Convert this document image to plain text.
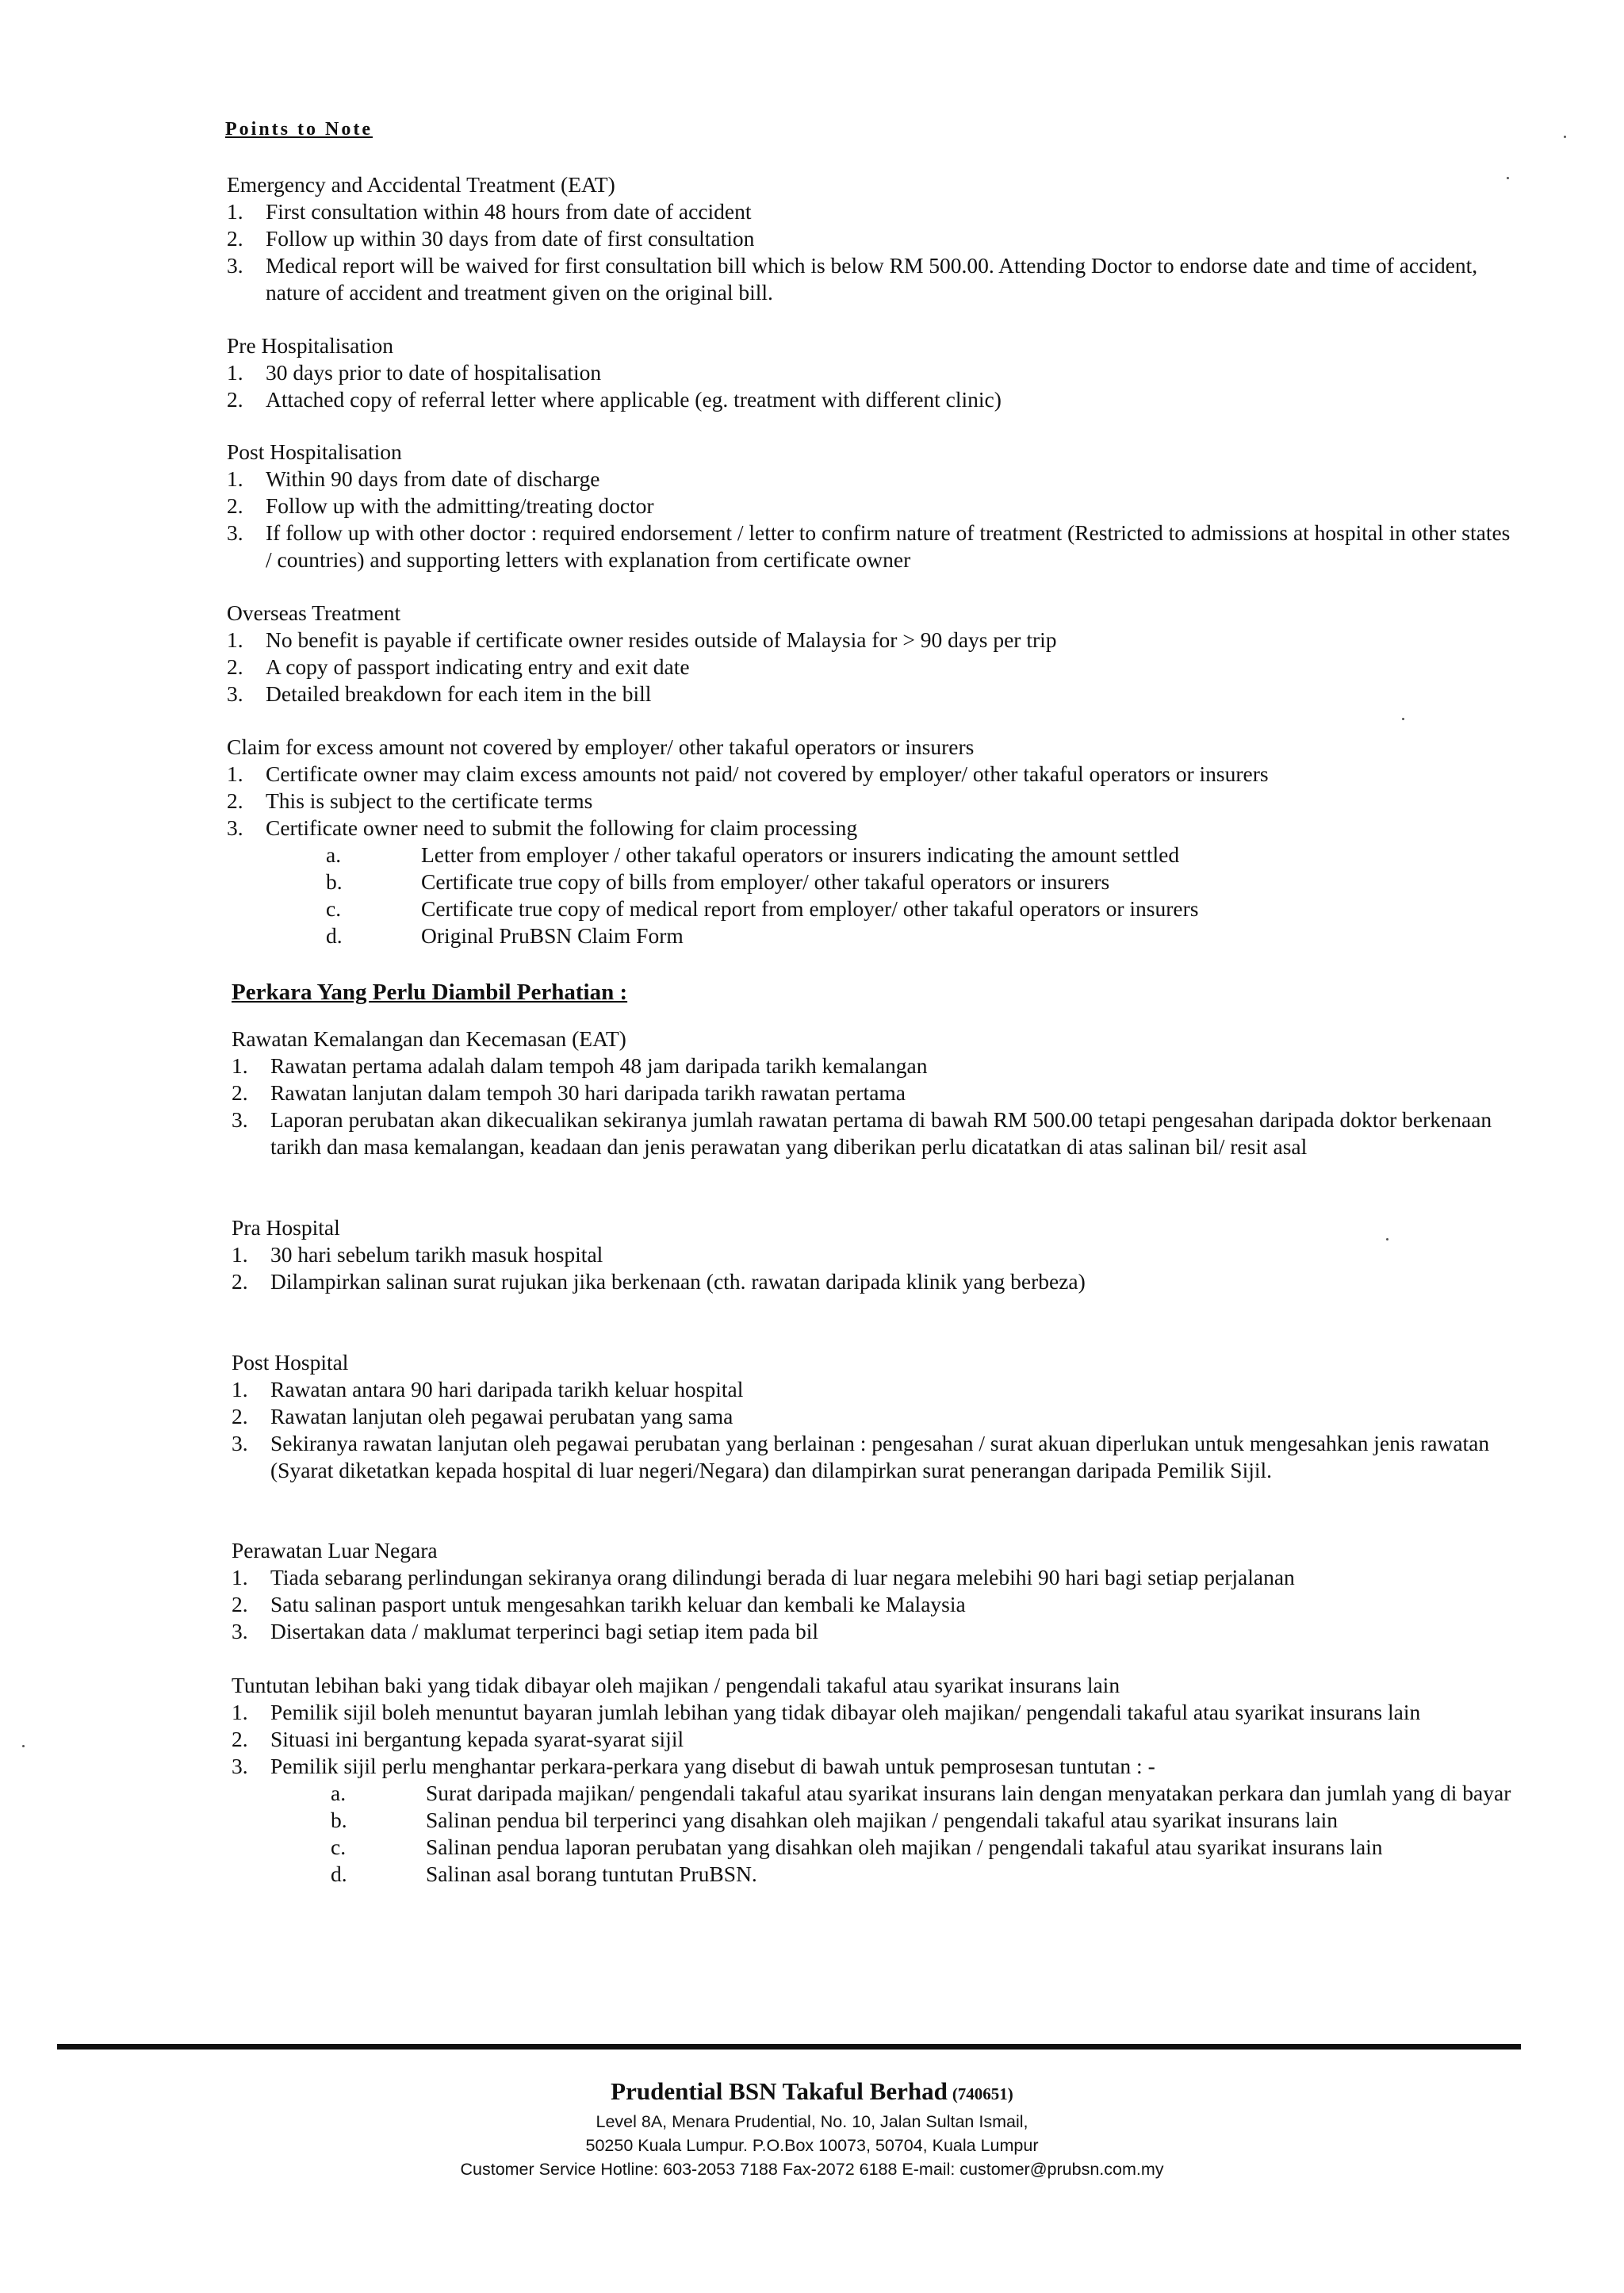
Points to Note
Emergency and Accidental Treatment (EAT)
1. First consultation within 48 hours from date of accident
2. Follow up within 30 days from date of first consultation
3. Medical report will be waived for first consultation bill which is below RM 500.00. Attending Doctor to endorse date and time of accident, nature of accident and treatment given on the original bill.
Pre Hospitalisation
1. 30 days prior to date of hospitalisation
2. Attached copy of referral letter where applicable (eg. treatment with different clinic)
Post Hospitalisation
1. Within 90 days from date of discharge
2. Follow up with the admitting/treating doctor
3. If follow up with other doctor : required endorsement / letter to confirm nature of treatment (Restricted to admissions at hospital in other states / countries) and supporting letters with explanation from certificate owner
Overseas Treatment
1. No benefit is payable if certificate owner resides outside of Malaysia for > 90 days per trip
2. A copy of passport indicating entry and exit date
3. Detailed breakdown for each item in the bill
Claim for excess amount not covered by employer/ other takaful operators or insurers
1. Certificate owner may claim excess amounts not paid/ not covered by employer/ other takaful operators or insurers
2. This is subject to the certificate terms
3. Certificate owner need to submit the following for claim processing
a.	Letter from employer / other takaful operators or insurers indicating the amount settled
b.	Certificate true copy of bills from employer/ other takaful operators or insurers
c.	Certificate true copy of medical report from employer/ other takaful operators or insurers
d.	Original PruBSN Claim Form
Perkara Yang Perlu Diambil Perhatian :
Rawatan Kemalangan dan Kecemasan (EAT)
1. Rawatan pertama adalah dalam tempoh 48 jam daripada tarikh kemalangan
2. Rawatan lanjutan dalam tempoh 30 hari daripada tarikh rawatan pertama
3. Laporan perubatan akan dikecualikan sekiranya jumlah rawatan pertama di bawah RM 500.00 tetapi pengesahan daripada doktor berkenaan tarikh dan masa kemalangan, keadaan dan jenis perawatan yang diberikan perlu dicatatkan di atas salinan bil/ resit asal
Pra Hospital
1. 30 hari sebelum tarikh masuk hospital
2. Dilampirkan salinan surat rujukan jika berkenaan (cth. rawatan daripada klinik yang berbeza)
Post Hospital
1. Rawatan antara 90 hari daripada tarikh keluar hospital
2. Rawatan lanjutan oleh pegawai perubatan yang sama
3. Sekiranya rawatan lanjutan oleh pegawai perubatan yang berlainan : pengesahan / surat akuan diperlukan untuk mengesahkan jenis rawatan (Syarat diketatkan kepada hospital di luar negeri/Negara) dan dilampirkan surat penerangan daripada Pemilik Sijil.
Perawatan Luar Negara
1. Tiada sebarang perlindungan sekiranya orang dilindungi berada di luar negara melebihi 90 hari bagi setiap perjalanan
2. Satu salinan pasport untuk mengesahkan tarikh keluar dan kembali ke Malaysia
3. Disertakan data / maklumat terperinci bagi setiap item pada bil
Tuntutan lebihan baki yang tidak dibayar oleh majikan / pengendali takaful atau syarikat insurans lain
1. Pemilik sijil boleh menuntut bayaran jumlah lebihan yang tidak dibayar oleh majikan/ pengendali takaful atau syarikat insurans lain
2. Situasi ini bergantung kepada syarat-syarat sijil
3. Pemilik sijil perlu menghantar perkara-perkara yang disebut di bawah untuk pemprosesan tuntutan : -
a.	Surat daripada majikan/ pengendali takaful atau syarikat insurans lain dengan menyatakan perkara dan jumlah yang di bayar
b.	Salinan pendua bil terperinci yang disahkan oleh majikan / pengendali takaful atau syarikat insurans lain
c.	Salinan pendua laporan perubatan yang disahkan oleh majikan / pengendali takaful atau syarikat insurans lain
d.	Salinan asal borang tuntutan PruBSN.
Prudential BSN Takaful Berhad (740651)
Level 8A, Menara Prudential, No. 10, Jalan Sultan Ismail,
50250 Kuala Lumpur. P.O.Box 10073, 50704, Kuala Lumpur
Customer Service Hotline: 603-2053 7188 Fax-2072 6188 E-mail: customer@prubsn.com.my
